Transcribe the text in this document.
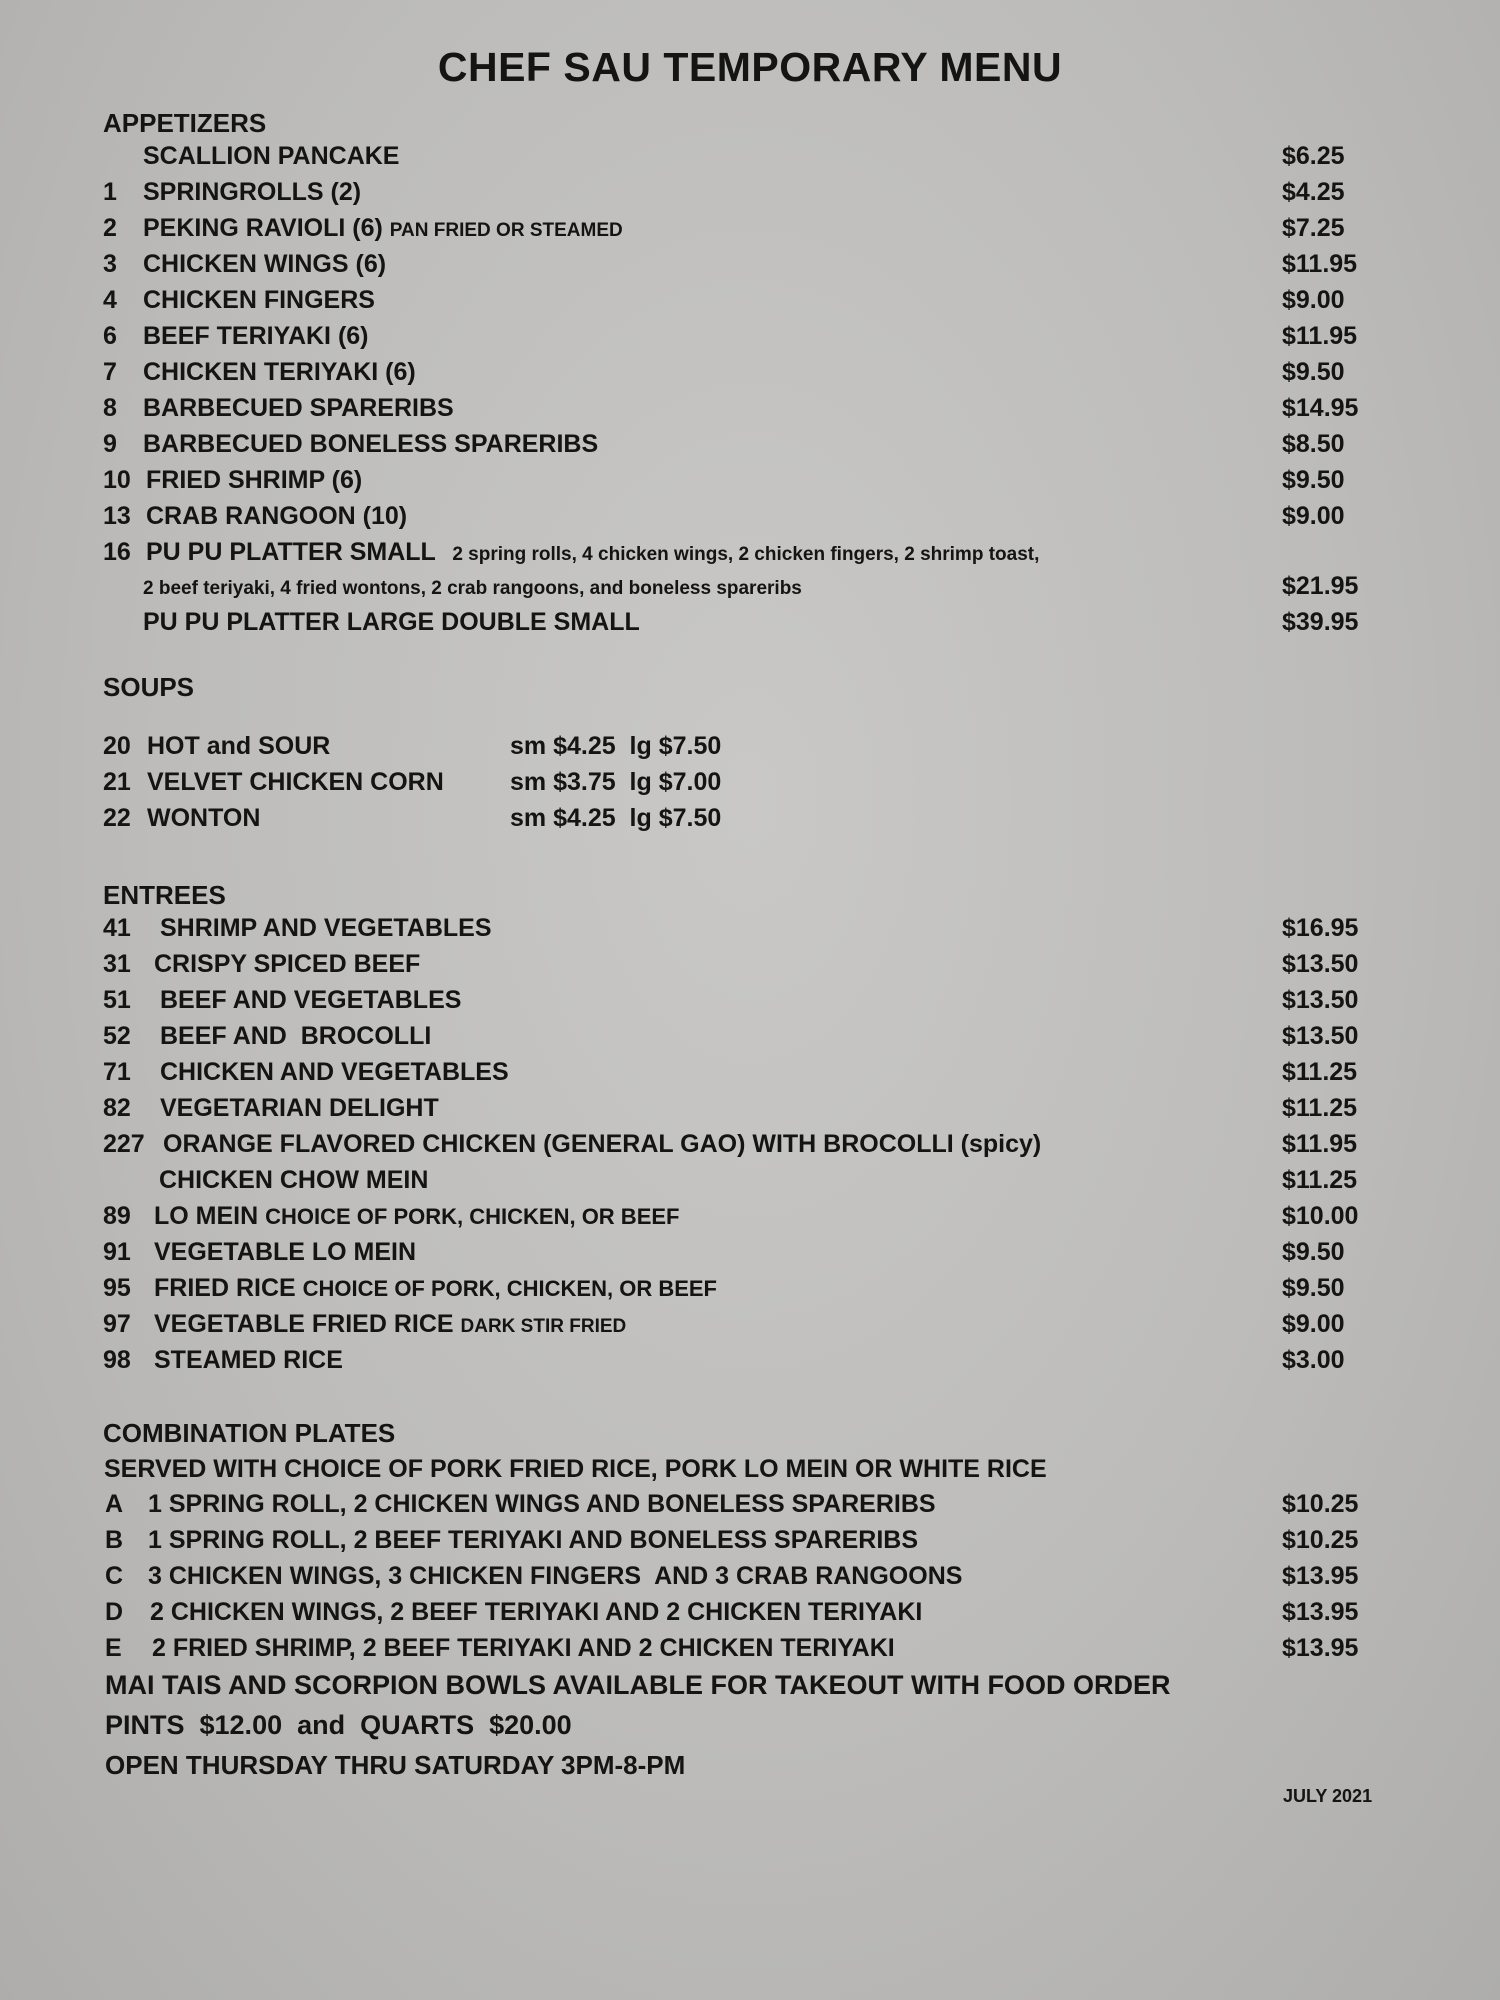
CHEF SAU TEMPORARY MENU
APPETIZERS
SCALLION PANCAKE	$6.25
1 SPRINGROLLS (2)	$4.25
2 PEKING RAVIOLI (6) PAN FRIED OR STEAMED	$7.25
3 CHICKEN WINGS (6)	$11.95
4 CHICKEN FINGERS	$9.00
6 BEEF TERIYAKI (6)	$11.95
7 CHICKEN TERIYAKI (6)	$9.50
8 BARBECUED SPARERIBS	$14.95
9 BARBECUED BONELESS SPARERIBS	$8.50
10 FRIED SHRIMP (6)	$9.50
13 CRAB RANGOON (10)	$9.00
16 PU PU PLATTER SMALL 2 spring rolls, 4 chicken wings, 2 chicken fingers, 2 shrimp toast,
2 beef teriyaki, 4 fried wontons, 2 crab rangoons, and boneless spareribs	$21.95
PU PU PLATTER LARGE DOUBLE SMALL	$39.95
SOUPS
20 HOT and SOUR	sm $4.25  lg $7.50
21 VELVET CHICKEN CORN	sm $3.75  lg $7.00
22 WONTON	sm $4.25  lg $7.50
ENTREES
41 SHRIMP AND VEGETABLES	$16.95
31 CRISPY SPICED BEEF	$13.50
51 BEEF AND VEGETABLES	$13.50
52 BEEF AND  BROCOLLI	$13.50
71 CHICKEN AND VEGETABLES	$11.25
82 VEGETARIAN DELIGHT	$11.25
227 ORANGE FLAVORED CHICKEN (GENERAL GAO) WITH BROCOLLI (spicy)	$11.95
CHICKEN CHOW MEIN	$11.25
89 LO MEIN CHOICE OF PORK, CHICKEN, OR BEEF	$10.00
91 VEGETABLE LO MEIN	$9.50
95 FRIED RICE CHOICE OF PORK, CHICKEN, OR BEEF	$9.50
97 VEGETABLE FRIED RICE DARK STIR FRIED	$9.00
98 STEAMED RICE	$3.00
COMBINATION PLATES
SERVED WITH CHOICE OF PORK FRIED RICE, PORK LO MEIN OR WHITE RICE
A 1 SPRING ROLL, 2 CHICKEN WINGS AND BONELESS SPARERIBS	$10.25
B 1 SPRING ROLL, 2 BEEF TERIYAKI AND BONELESS SPARERIBS	$10.25
C 3 CHICKEN WINGS, 3 CHICKEN FINGERS  AND 3 CRAB RANGOONS	$13.95
D 2 CHICKEN WINGS, 2 BEEF TERIYAKI AND 2 CHICKEN TERIYAKI	$13.95
E 2 FRIED SHRIMP, 2 BEEF TERIYAKI AND 2 CHICKEN TERIYAKI	$13.95
MAI TAIS AND SCORPION BOWLS AVAILABLE FOR TAKEOUT WITH FOOD ORDER
PINTS  $12.00  and  QUARTS  $20.00
OPEN THURSDAY THRU SATURDAY 3PM-8-PM
JULY 2021
